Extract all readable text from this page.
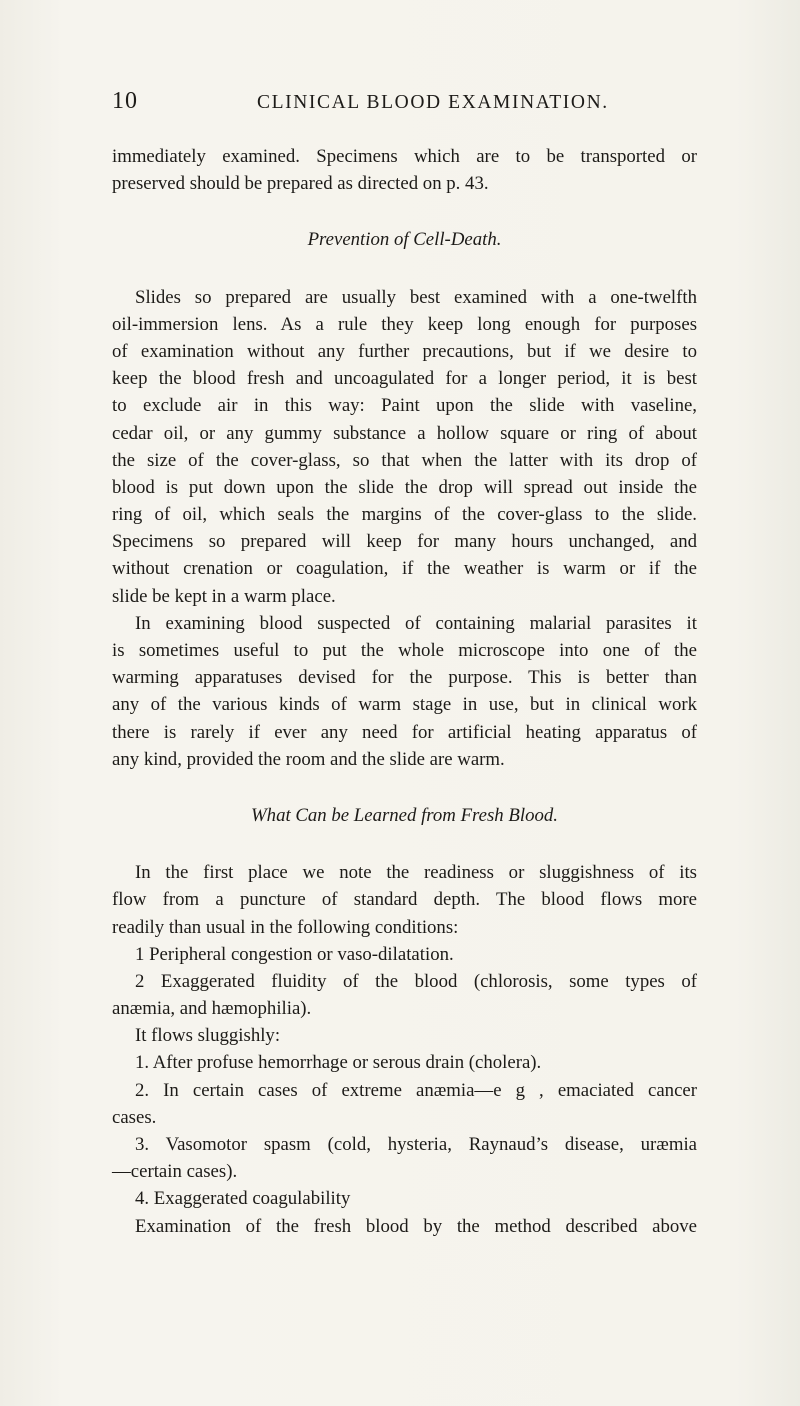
10	CLINICAL BLOOD EXAMINATION.
immediately examined. Specimens which are to be transported or
preserved should be prepared as directed on p. 43.
Prevention of Cell-Death.
Slides so prepared are usually best examined with a one-twelfth
oil-immersion lens. As a rule they keep long enough for purposes
of examination without any further precautions, but if we desire to
keep the blood fresh and uncoagulated for a longer period, it is best
to exclude air in this way: Paint upon the slide with vaseline,
cedar oil, or any gummy substance a hollow square or ring of about
the size of the cover-glass, so that when the latter with its drop of
blood is put down upon the slide the drop will spread out inside the
ring of oil, which seals the margins of the cover-glass to the slide.
Specimens so prepared will keep for many hours unchanged, and
without crenation or coagulation, if the weather is warm or if the
slide be kept in a warm place.
In examining blood suspected of containing malarial parasites it
is sometimes useful to put the whole microscope into one of the
warming apparatuses devised for the purpose. This is better than
any of the various kinds of warm stage in use, but in clinical work
there is rarely if ever any need for artificial heating apparatus of
any kind, provided the room and the slide are warm.
What Can be Learned from Fresh Blood.
In the first place we note the readiness or sluggishness of its
flow from a puncture of standard depth. The blood flows more
readily than usual in the following conditions:
1 Peripheral congestion or vaso-dilatation.
2 Exaggerated fluidity of the blood (chlorosis, some types of
anæmia, and hæmophilia).
It flows sluggishly:
1. After profuse hemorrhage or serous drain (cholera).
2. In certain cases of extreme anæmia—e g , emaciated cancer
cases.
3. Vasomotor spasm (cold, hysteria, Raynaud’s disease, uræmia
—certain cases).
4. Exaggerated coagulability
Examination of the fresh blood by the method described above
